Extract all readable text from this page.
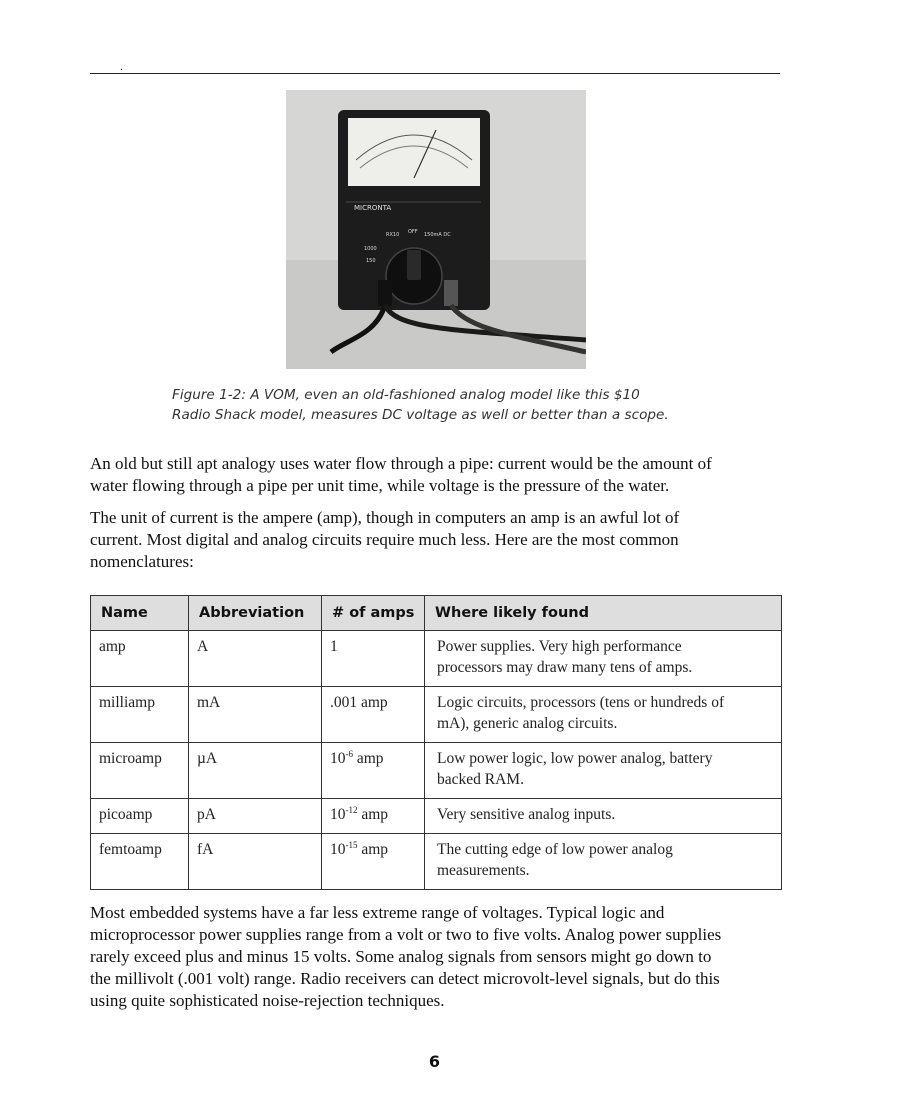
.
MICRONTA
RX10 OFF 150mA DC
1000
150
Figure 1-2: A VOM, even an old-fashioned analog model like this $10
Radio Shack model, measures DC voltage as well or better than a scope.
An old but still apt analogy uses water flow through a pipe: current would be the amount of
water flowing through a pipe per unit time, while voltage is the pressure of the water.
The unit of current is the ampere (amp), though in computers an amp is an awful lot of
current. Most digital and analog circuits require much less. Here are the most common
nomenclatures:
Name	Abbreviation	# of amps	Where likely found
amp	A	1	Power supplies. Very high performance
processors may draw many tens of amps.

milliamp	mA	.001 amp	Logic circuits, processors (tens or hundreds of
mA), generic analog circuits.

microamp	µA	$10^{-6}$ amp	Low power logic, low power analog, battery
backed RAM.

picoamp	pA	$10^{-12}$ amp	Very sensitive analog inputs.

femtoamp	fA	$10^{-15}$ amp	The cutting edge of low power analog
measurements.
Most embedded systems have a far less extreme range of voltages. Typical logic and
microprocessor power supplies range from a volt or two to five volts. Analog power supplies
rarely exceed plus and minus 15 volts. Some analog signals from sensors might go down to
the millivolt (.001 volt) range. Radio receivers can detect microvolt-level signals, but do this
using quite sophisticated noise-rejection techniques.
6
